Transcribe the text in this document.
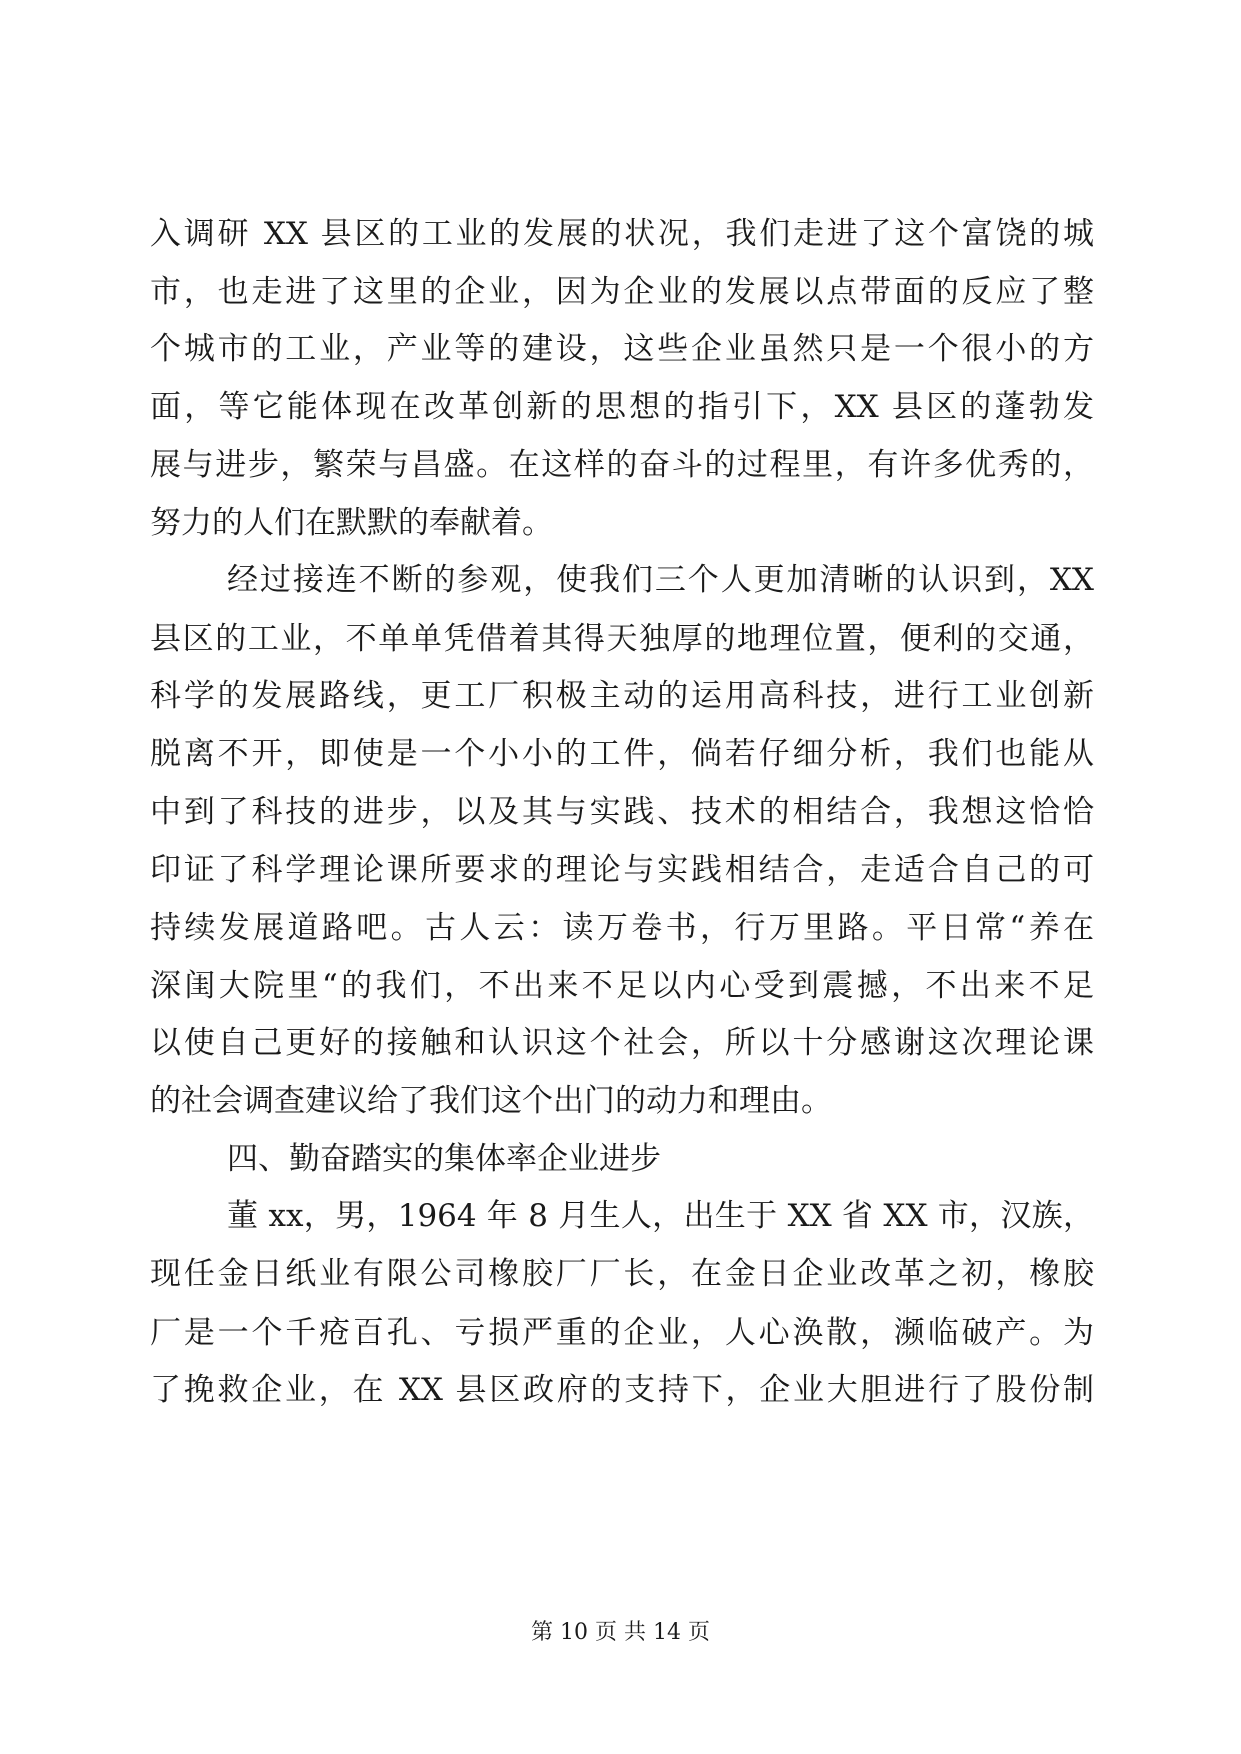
入调研 XX 县区的工业的发展的状况，我们走进了这个富饶的城
市，也走进了这里的企业，因为企业的发展以点带面的反应了整
个城市的工业，产业等的建设，这些企业虽然只是一个很小的方
面，等它能体现在改革创新的思想的指引下，XX 县区的蓬勃发
展与进步，繁荣与昌盛。在这样的奋斗的过程里，有许多优秀的，
努力的人们在默默的奉献着。
经过接连不断的参观，使我们三个人更加清晰的认识到，XX
县区的工业，不单单凭借着其得天独厚的地理位置，便利的交通，
科学的发展路线，更工厂积极主动的运用高科技，进行工业创新
脱离不开，即使是一个小小的工件，倘若仔细分析，我们也能从
中到了科技的进步，以及其与实践、技术的相结合，我想这恰恰
印证了科学理论课所要求的理论与实践相结合，走适合自己的可
持续发展道路吧。古人云：读万卷书，行万里路。平日常“养在
深闺大院里“的我们，不出来不足以内心受到震撼，不出来不足
以使自己更好的接触和认识这个社会，所以十分感谢这次理论课
的社会调查建议给了我们这个出门的动力和理由。
四、勤奋踏实的集体率企业进步
董 xx，男，1964 年 8 月生人，出生于 XX 省 XX 市，汉族，
现任金日纸业有限公司橡胶厂厂长，在金日企业改革之初，橡胶
厂是一个千疮百孔、亏损严重的企业，人心涣散，濒临破产。为
了挽救企业，在 XX 县区政府的支持下，企业大胆进行了股份制
第 10 页 共 14 页
